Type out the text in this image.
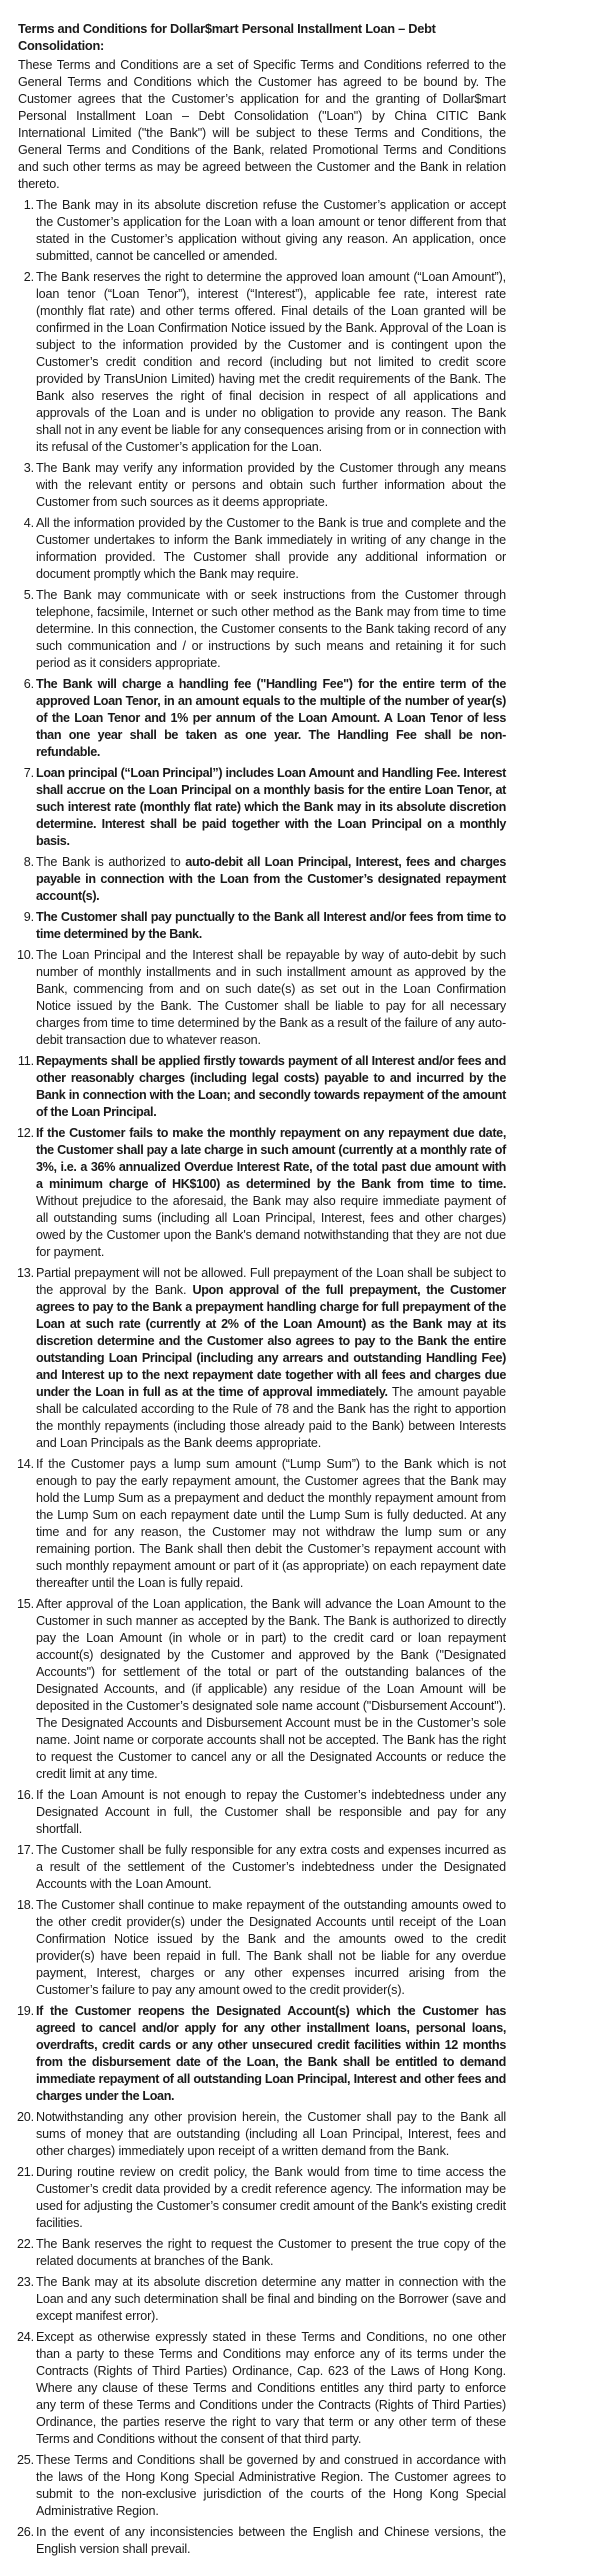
Terms and Conditions for Dollar$mart Personal Installment Loan – Debt Consolidation:
These Terms and Conditions are a set of Specific Terms and Conditions referred to the General Terms and Conditions which the Customer has agreed to be bound by. The Customer agrees that the Customer’s application for and the granting of Dollar$mart Personal Installment Loan – Debt Consolidation ("Loan") by China CITIC Bank International Limited ("the Bank") will be subject to these Terms and Conditions, the General Terms and Conditions of the Bank, related Promotional Terms and Conditions and such other terms as may be agreed between the Customer and the Bank in relation thereto.
1. The Bank may in its absolute discretion refuse the Customer’s application or accept the Customer’s application for the Loan with a loan amount or tenor different from that stated in the Customer’s application without giving any reason. An application, once submitted, cannot be cancelled or amended.
2. The Bank reserves the right to determine the approved loan amount (“Loan Amount”), loan tenor (“Loan Tenor”), interest (“Interest”), applicable fee rate, interest rate (monthly flat rate) and other terms offered. Final details of the Loan granted will be confirmed in the Loan Confirmation Notice issued by the Bank. Approval of the Loan is subject to the information provided by the Customer and is contingent upon the Customer’s credit condition and record (including but not limited to credit score provided by TransUnion Limited) having met the credit requirements of the Bank. The Bank also reserves the right of final decision in respect of all applications and approvals of the Loan and is under no obligation to provide any reason. The Bank shall not in any event be liable for any consequences arising from or in connection with its refusal of the Customer’s application for the Loan.
3. The Bank may verify any information provided by the Customer through any means with the relevant entity or persons and obtain such further information about the Customer from such sources as it deems appropriate.
4. All the information provided by the Customer to the Bank is true and complete and the Customer undertakes to inform the Bank immediately in writing of any change in the information provided. The Customer shall provide any additional information or document promptly which the Bank may require.
5. The Bank may communicate with or seek instructions from the Customer through telephone, facsimile, Internet or such other method as the Bank may from time to time determine. In this connection, the Customer consents to the Bank taking record of any such communication and / or instructions by such means and retaining it for such period as it considers appropriate.
6. The Bank will charge a handling fee ("Handling Fee") for the entire term of the approved Loan Tenor, in an amount equals to the multiple of the number of year(s) of the Loan Tenor and 1% per annum of the Loan Amount. A Loan Tenor of less than one year shall be taken as one year. The Handling Fee shall be non-refundable.
7. Loan principal (“Loan Principal”) includes Loan Amount and Handling Fee. Interest shall accrue on the Loan Principal on a monthly basis for the entire Loan Tenor, at such interest rate (monthly flat rate) which the Bank may in its absolute discretion determine. Interest shall be paid together with the Loan Principal on a monthly basis.
8. The Bank is authorized to auto-debit all Loan Principal, Interest, fees and charges payable in connection with the Loan from the Customer’s designated repayment account(s).
9. The Customer shall pay punctually to the Bank all Interest and/or fees from time to time determined by the Bank.
10. The Loan Principal and the Interest shall be repayable by way of auto-debit by such number of monthly installments and in such installment amount as approved by the Bank, commencing from and on such date(s) as set out in the Loan Confirmation Notice issued by the Bank. The Customer shall be liable to pay for all necessary charges from time to time determined by the Bank as a result of the failure of any auto-debit transaction due to whatever reason.
11. Repayments shall be applied firstly towards payment of all Interest and/or fees and other reasonably charges (including legal costs) payable to and incurred by the Bank in connection with the Loan; and secondly towards repayment of the amount of the Loan Principal.
12. If the Customer fails to make the monthly repayment on any repayment due date, the Customer shall pay a late charge in such amount (currently at a monthly rate of 3%, i.e. a 36% annualized Overdue Interest Rate, of the total past due amount with a minimum charge of HK$100) as determined by the Bank from time to time. Without prejudice to the aforesaid, the Bank may also require immediate payment of all outstanding sums (including all Loan Principal, Interest, fees and other charges) owed by the Customer upon the Bank's demand notwithstanding that they are not due for payment.
13. Partial prepayment will not be allowed. Full prepayment of the Loan shall be subject to the approval by the Bank. Upon approval of the full prepayment, the Customer agrees to pay to the Bank a prepayment handling charge for full prepayment of the Loan at such rate (currently at 2% of the Loan Amount) as the Bank may at its discretion determine and the Customer also agrees to pay to the Bank the entire outstanding Loan Principal (including any arrears and outstanding Handling Fee) and Interest up to the next repayment date together with all fees and charges due under the Loan in full as at the time of approval immediately. The amount payable shall be calculated according to the Rule of 78 and the Bank has the right to apportion the monthly repayments (including those already paid to the Bank) between Interests and Loan Principals as the Bank deems appropriate.
14. If the Customer pays a lump sum amount (“Lump Sum”) to the Bank which is not enough to pay the early repayment amount, the Customer agrees that the Bank may hold the Lump Sum as a prepayment and deduct the monthly repayment amount from the Lump Sum on each repayment date until the Lump Sum is fully deducted. At any time and for any reason, the Customer may not withdraw the lump sum or any remaining portion. The Bank shall then debit the Customer’s repayment account with such monthly repayment amount or part of it (as appropriate) on each repayment date thereafter until the Loan is fully repaid.
15. After approval of the Loan application, the Bank will advance the Loan Amount to the Customer in such manner as accepted by the Bank. The Bank is authorized to directly pay the Loan Amount (in whole or in part) to the credit card or loan repayment account(s) designated by the Customer and approved by the Bank ("Designated Accounts") for settlement of the total or part of the outstanding balances of the Designated Accounts, and (if applicable) any residue of the Loan Amount will be deposited in the Customer’s designated sole name account ("Disbursement Account"). The Designated Accounts and Disbursement Account must be in the Customer’s sole name. Joint name or corporate accounts shall not be accepted. The Bank has the right to request the Customer to cancel any or all the Designated Accounts or reduce the credit limit at any time.
16. If the Loan Amount is not enough to repay the Customer’s indebtedness under any Designated Account in full, the Customer shall be responsible and pay for any shortfall.
17. The Customer shall be fully responsible for any extra costs and expenses incurred as a result of the settlement of the Customer’s indebtedness under the Designated Accounts with the Loan Amount.
18. The Customer shall continue to make repayment of the outstanding amounts owed to the other credit provider(s) under the Designated Accounts until receipt of the Loan Confirmation Notice issued by the Bank and the amounts owed to the credit provider(s) have been repaid in full. The Bank shall not be liable for any overdue payment, Interest, charges or any other expenses incurred arising from the Customer’s failure to pay any amount owed to the credit provider(s).
19. If the Customer reopens the Designated Account(s) which the Customer has agreed to cancel and/or apply for any other installment loans, personal loans, overdrafts, credit cards or any other unsecured credit facilities within 12 months from the disbursement date of the Loan, the Bank shall be entitled to demand immediate repayment of all outstanding Loan Principal, Interest and other fees and charges under the Loan.
20. Notwithstanding any other provision herein, the Customer shall pay to the Bank all sums of money that are outstanding (including all Loan Principal, Interest, fees and other charges) immediately upon receipt of a written demand from the Bank.
21. During routine review on credit policy, the Bank would from time to time access the Customer’s credit data provided by a credit reference agency. The information may be used for adjusting the Customer’s consumer credit amount of the Bank's existing credit facilities.
22. The Bank reserves the right to request the Customer to present the true copy of the related documents at branches of the Bank.
23. The Bank may at its absolute discretion determine any matter in connection with the Loan and any such determination shall be final and binding on the Borrower (save and except manifest error).
24. Except as otherwise expressly stated in these Terms and Conditions, no one other than a party to these Terms and Conditions may enforce any of its terms under the Contracts (Rights of Third Parties) Ordinance, Cap. 623 of the Laws of Hong Kong. Where any clause of these Terms and Conditions entitles any third party to enforce any term of these Terms and Conditions under the Contracts (Rights of Third Parties) Ordinance, the parties reserve the right to vary that term or any other term of these Terms and Conditions without the consent of that third party.
25. These Terms and Conditions shall be governed by and construed in accordance with the laws of the Hong Kong Special Administrative Region. The Customer agrees to submit to the non-exclusive jurisdiction of the courts of the Hong Kong Special Administrative Region.
26. In the event of any inconsistencies between the English and Chinese versions, the English version shall prevail.
